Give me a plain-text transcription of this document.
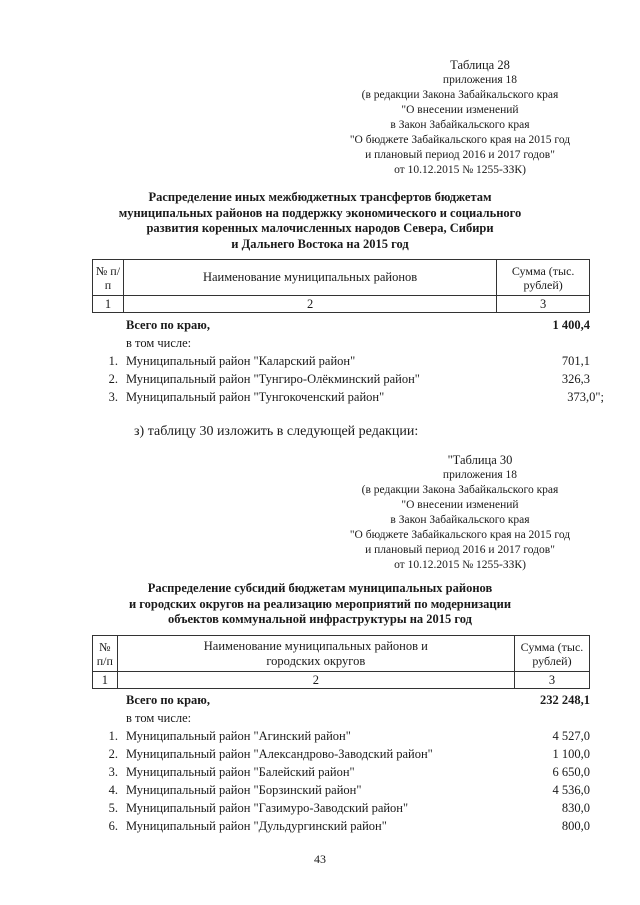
Таблица 28
приложения 18
(в редакции Закона Забайкальского края
"О внесении изменений
в Закон Забайкальского края
"О бюджете Забайкальского края на 2015 год
и плановый период 2016 и 2017 годов"
от 10.12.2015 № 1255-ЗЗК)
Распределение иных межбюджетных трансфертов бюджетам
муниципальных районов на поддержку экономического и социального
развития коренных малочисленных народов Севера, Сибири
и Дальнего Востока на 2015 год
№ п/п	Наименование муниципальных районов	Сумма (тыс. рублей)
1	2	3
Всего по краю,	1 400,4
в том числе:
1. Муниципальный район "Каларский район"	701,1
2. Муниципальный район "Тунгиро-Олёкминский район"	326,3
3. Муниципальный район "Тунгокоченский район"	373,0";
з) таблицу 30 изложить в следующей редакции:
"Таблица 30
приложения 18
(в редакции Закона Забайкальского края
"О внесении изменений
в Закон Забайкальского края
"О бюджете Забайкальского края на 2015 год
и плановый период 2016 и 2017 годов"
от 10.12.2015 № 1255-ЗЗК)
Распределение субсидий бюджетам муниципальных районов
и городских округов на реализацию мероприятий по модернизации
объектов коммунальной инфраструктуры на 2015 год
№ п/п	Наименование муниципальных районов и городских округов	Сумма (тыс. рублей)
1	2	3
Всего по краю,	232 248,1
в том числе:
1. Муниципальный район "Агинский район"	4 527,0
2. Муниципальный район "Александрово-Заводский район"	1 100,0
3. Муниципальный район "Балейский район"	6 650,0
4. Муниципальный район "Борзинский район"	4 536,0
5. Муниципальный район "Газимуро-Заводский район"	830,0
6. Муниципальный район "Дульдургинский район"	800,0
43
